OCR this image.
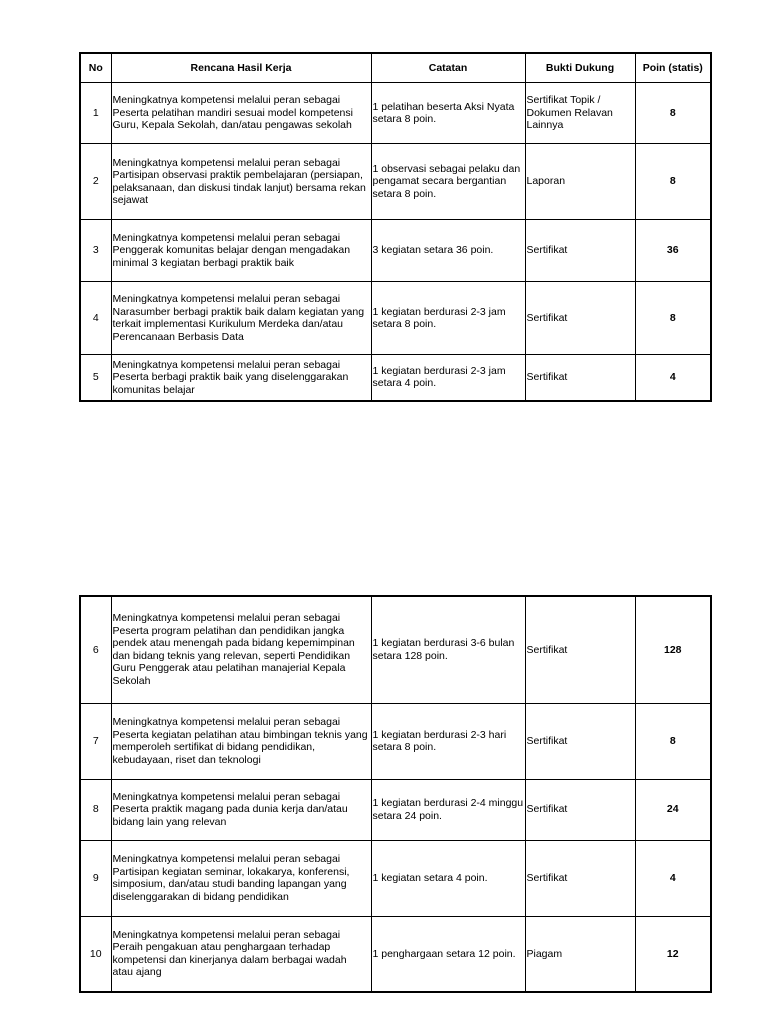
No	Rencana Hasil Kerja	Catatan	Bukti Dukung	Poin (statis)
1	Meningkatnya kompetensi melalui peran sebagai Peserta pelatihan mandiri sesuai model kompetensi Guru, Kepala Sekolah, dan/atau pengawas sekolah	1 pelatihan beserta Aksi Nyata setara 8 poin.	Sertifikat Topik / Dokumen Relavan Lainnya	8
2	Meningkatnya kompetensi melalui peran sebagai Partisipan observasi praktik pembelajaran (persiapan, pelaksanaan, dan diskusi tindak lanjut) bersama rekan sejawat	1 observasi sebagai pelaku dan pengamat secara bergantian setara 8 poin.	Laporan	8
3	Meningkatnya kompetensi melalui peran sebagai Penggerak komunitas belajar dengan mengadakan minimal 3 kegiatan berbagi praktik baik	3 kegiatan setara 36 poin.	Sertifikat	36
4	Meningkatnya kompetensi melalui peran sebagai Narasumber berbagi praktik baik dalam kegiatan yang terkait implementasi Kurikulum Merdeka dan/atau Perencanaan Berbasis Data	1 kegiatan berdurasi 2-3 jam setara 8 poin.	Sertifikat	8
5	Meningkatnya kompetensi melalui peran sebagai Peserta berbagi praktik baik yang diselenggarakan komunitas belajar	1 kegiatan berdurasi 2-3 jam setara 4 poin.	Sertifikat	4
6	Meningkatnya kompetensi melalui peran sebagai Peserta program pelatihan dan pendidikan jangka pendek atau menengah pada bidang kepemimpinan dan bidang teknis yang relevan, seperti Pendidikan Guru Penggerak atau pelatihan manajerial Kepala Sekolah	1 kegiatan berdurasi 3-6 bulan setara 128 poin.	Sertifikat	128
7	Meningkatnya kompetensi melalui peran sebagai Peserta kegiatan pelatihan atau bimbingan teknis yang memperoleh sertifikat di bidang pendidikan, kebudayaan, riset dan teknologi	1 kegiatan berdurasi 2-3 hari setara 8 poin.	Sertifikat	8
8	Meningkatnya kompetensi melalui peran sebagai Peserta praktik magang pada dunia kerja dan/atau bidang lain yang relevan	1 kegiatan berdurasi 2-4 minggu setara 24 poin.	Sertifikat	24
9	Meningkatnya kompetensi melalui peran sebagai Partisipan kegiatan seminar, lokakarya, konferensi, simposium, dan/atau studi banding lapangan yang diselenggarakan di bidang pendidikan	1 kegiatan setara 4 poin.	Sertifikat	4
10	Meningkatnya kompetensi melalui peran sebagai Peraih pengakuan atau penghargaan terhadap kompetensi dan kinerjanya dalam berbagai wadah atau ajang	1 penghargaan setara 12 poin.	Piagam	12
